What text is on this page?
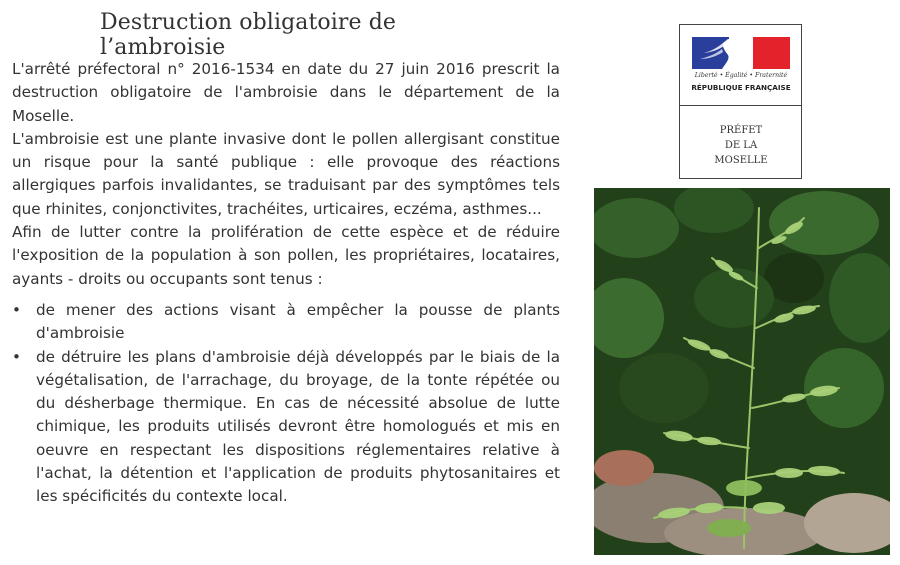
Destruction obligatoire de l’ambroisie

L'arrêté préfectoral n° 2016-1534 en date du 27 juin 2016 prescrit la destruction obligatoire de l'ambroisie dans le département de la Moselle.

L'ambroisie est une plante invasive dont le pollen allergisant constitue un risque pour la santé publique : elle provoque des réactions allergiques parfois invalidantes, se traduisant par des symptômes tels que rhinites, conjonctivites, trachéites, urticaires, eczéma, asthmes...

Afin de lutter contre la prolifération de cette espèce et de réduire l'exposition de la population à son pollen, les propriétaires, locataires, ayants - droits ou occupants sont tenus :

• de mener des actions visant à empêcher la pousse de plants d'ambroisie
• de détruire les plans d'ambroisie déjà développés par le biais de la végétalisation, de l'arrachage, du broyage, de la tonte répétée ou du désherbage thermique. En cas de nécessité absolue de lutte chimique, les produits utilisés devront être homologués et mis en oeuvre en respectant les dispositions réglementaires relative à l'achat, la détention et l'application de produits phytosanitaires et les spécificités du contexte local.
Liberté • Égalité • Fraternité
RÉPUBLIQUE FRANÇAISE
PRÉFET
DE LA
MOSELLE
